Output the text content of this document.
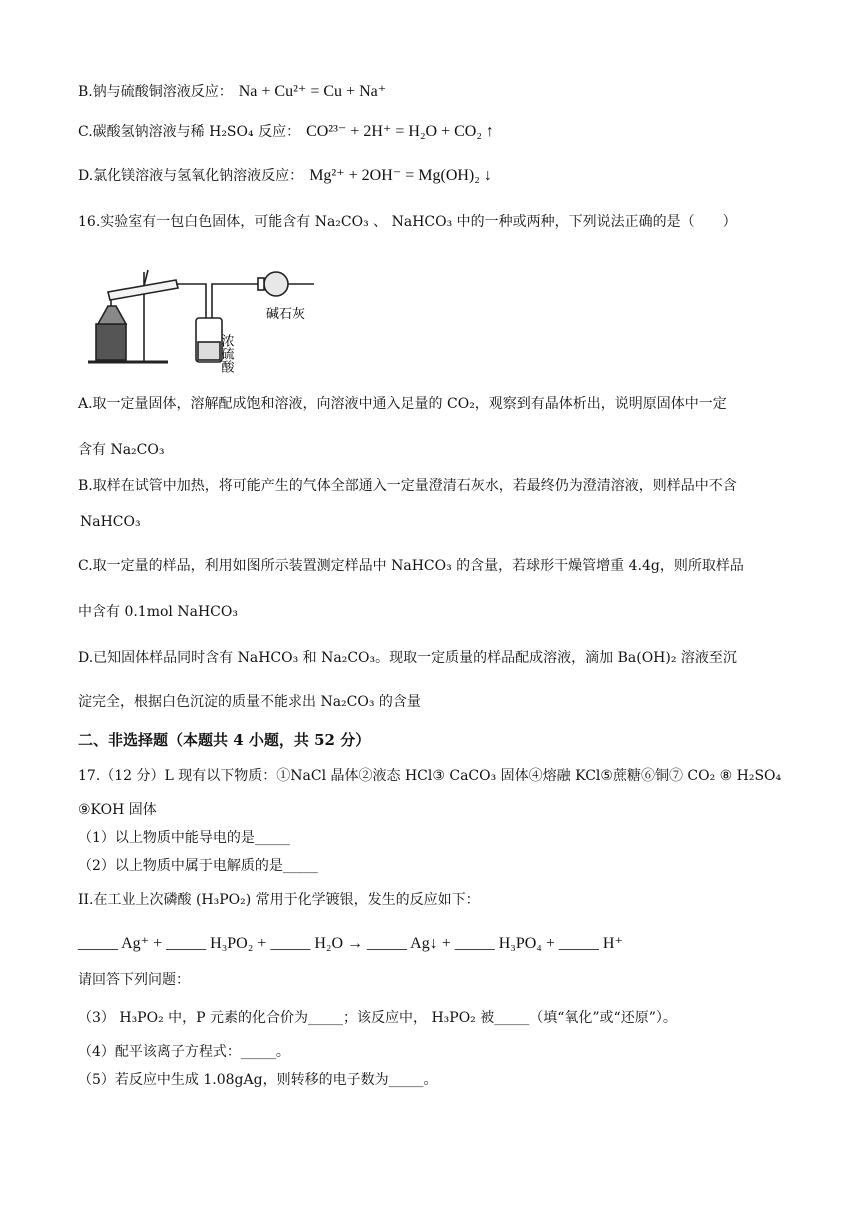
B.钠与硫酸铜溶液反应： Na + Cu²⁺ = Cu + Na⁺
C.碳酸氢钠溶液与稀 H₂SO₄ 反应： CO²³⁻ + 2H⁺ = H₂O + CO₂ ↑
D.氯化镁溶液与氢氧化钠溶液反应： Mg²⁺ + 2OH⁻ = Mg(OH)₂ ↓
16.实验室有一包白色固体，可能含有 Na₂CO₃ 、 NaHCO₃ 中的一种或两种，下列说法正确的是（　　）
浓硫酸
碱石灰
A.取一定量固体，溶解配成饱和溶液，向溶液中通入足量的 CO₂，观察到有晶体析出，说明原固体中一定
含有 Na₂CO₃
B.取样在试管中加热，将可能产生的气体全部通入一定量澄清石灰水，若最终仍为澄清溶液，则样品中不含
NaHCO₃
C.取一定量的样品，利用如图所示装置测定样品中 NaHCO₃ 的含量，若球形干燥管增重 4.4g，则所取样品
中含有 0.1mol NaHCO₃
D.已知固体样品同时含有 NaHCO₃ 和 Na₂CO₃。现取一定质量的样品配成溶液，滴加 Ba(OH)₂ 溶液至沉
淀完全，根据白色沉淀的质量不能求出 Na₂CO₃ 的含量
二、非选择题（本题共 4 小题，共 52 分）
17.（12 分）L 现有以下物质：①NaCl 晶体②液态 HCl③ CaCO₃ 固体④熔融 KCl⑤蔗糖⑥铜⑦ CO₂ ⑧ H₂SO₄
⑨KOH 固体
（1）以上物质中能导电的是_____
（2）以上物质中属于电解质的是_____
II.在工业上次磷酸 (H₃PO₂) 常用于化学镀银，发生的反应如下：
_____ Ag⁺ + _____ H₃PO₂ + _____ H₂O → _____ Ag↓ + _____ H₃PO₄ + _____ H⁺
请回答下列问题：
（3） H₃PO₂ 中，P 元素的化合价为_____；该反应中， H₃PO₂ 被_____（填“氧化”或“还原”）。
（4）配平该离子方程式：_____。
（5）若反应中生成 1.08gAg，则转移的电子数为_____。
